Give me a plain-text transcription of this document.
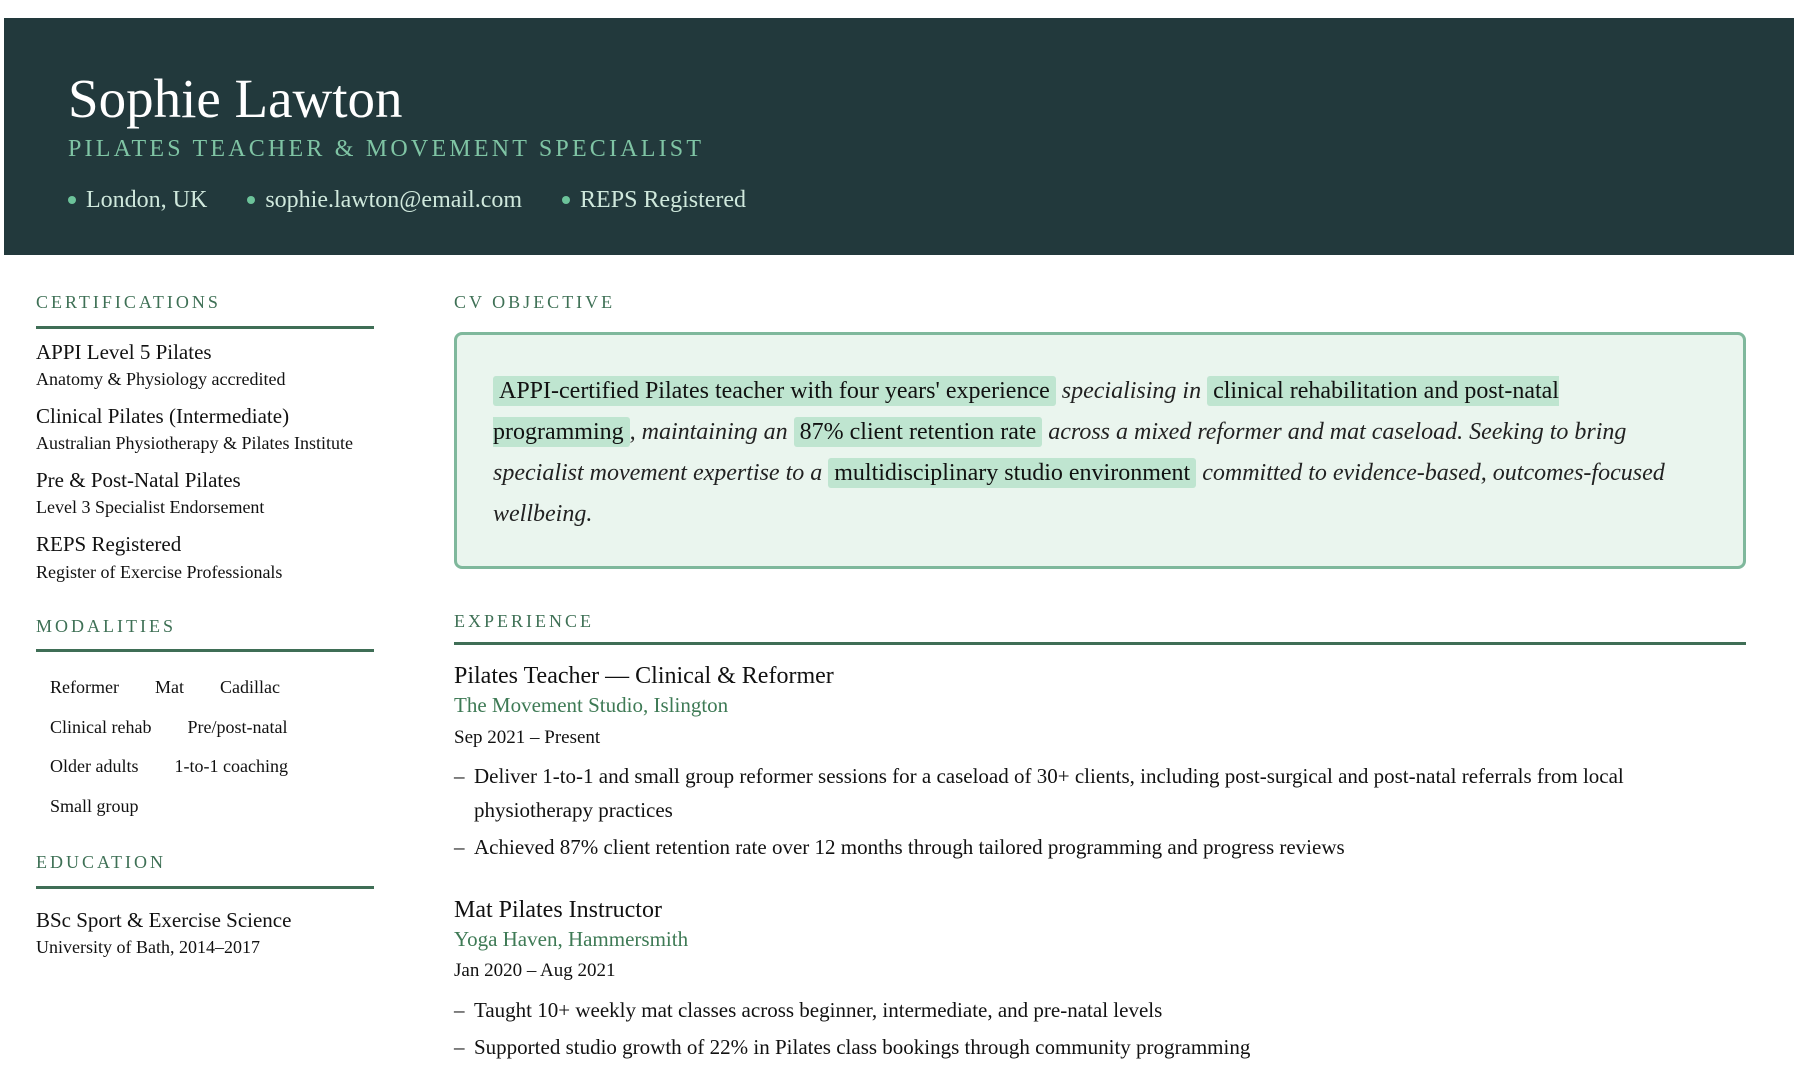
Sophie Lawton
PILATES TEACHER & MOVEMENT SPECIALIST
London, UK sophie.lawton@email.com REPS Registered
CERTIFICATIONS
APPI Level 5 Pilates
Anatomy & Physiology accredited
Clinical Pilates (Intermediate)
Australian Physiotherapy & Pilates Institute
Pre & Post-Natal Pilates
Level 3 Specialist Endorsement
REPS Registered
Register of Exercise Professionals
MODALITIES
Reformer	Mat	Cadillac
Clinical rehab	Pre/post-natal
Older adults	1-to-1 coaching
Small group
EDUCATION
BSc Sport & Exercise Science
University of Bath, 2014–2017
CV OBJECTIVE
APPI-certified Pilates teacher with four years' experience specialising in clinical rehabilitation and post-natal programming , maintaining an 87% client retention rate across a mixed reformer and mat caseload. Seeking to bring specialist movement expertise to a multidisciplinary studio environment committed to evidence-based, outcomes-focused wellbeing.
EXPERIENCE
Pilates Teacher — Clinical & Reformer
The Movement Studio, Islington
Sep 2021 – Present
– Deliver 1-to-1 and small group reformer sessions for a caseload of 30+ clients, including post-surgical and post-natal referrals from local physiotherapy practices
– Achieved 87% client retention rate over 12 months through tailored programming and progress reviews
Mat Pilates Instructor
Yoga Haven, Hammersmith
Jan 2020 – Aug 2021
– Taught 10+ weekly mat classes across beginner, intermediate, and pre-natal levels
– Supported studio growth of 22% in Pilates class bookings through community programming
